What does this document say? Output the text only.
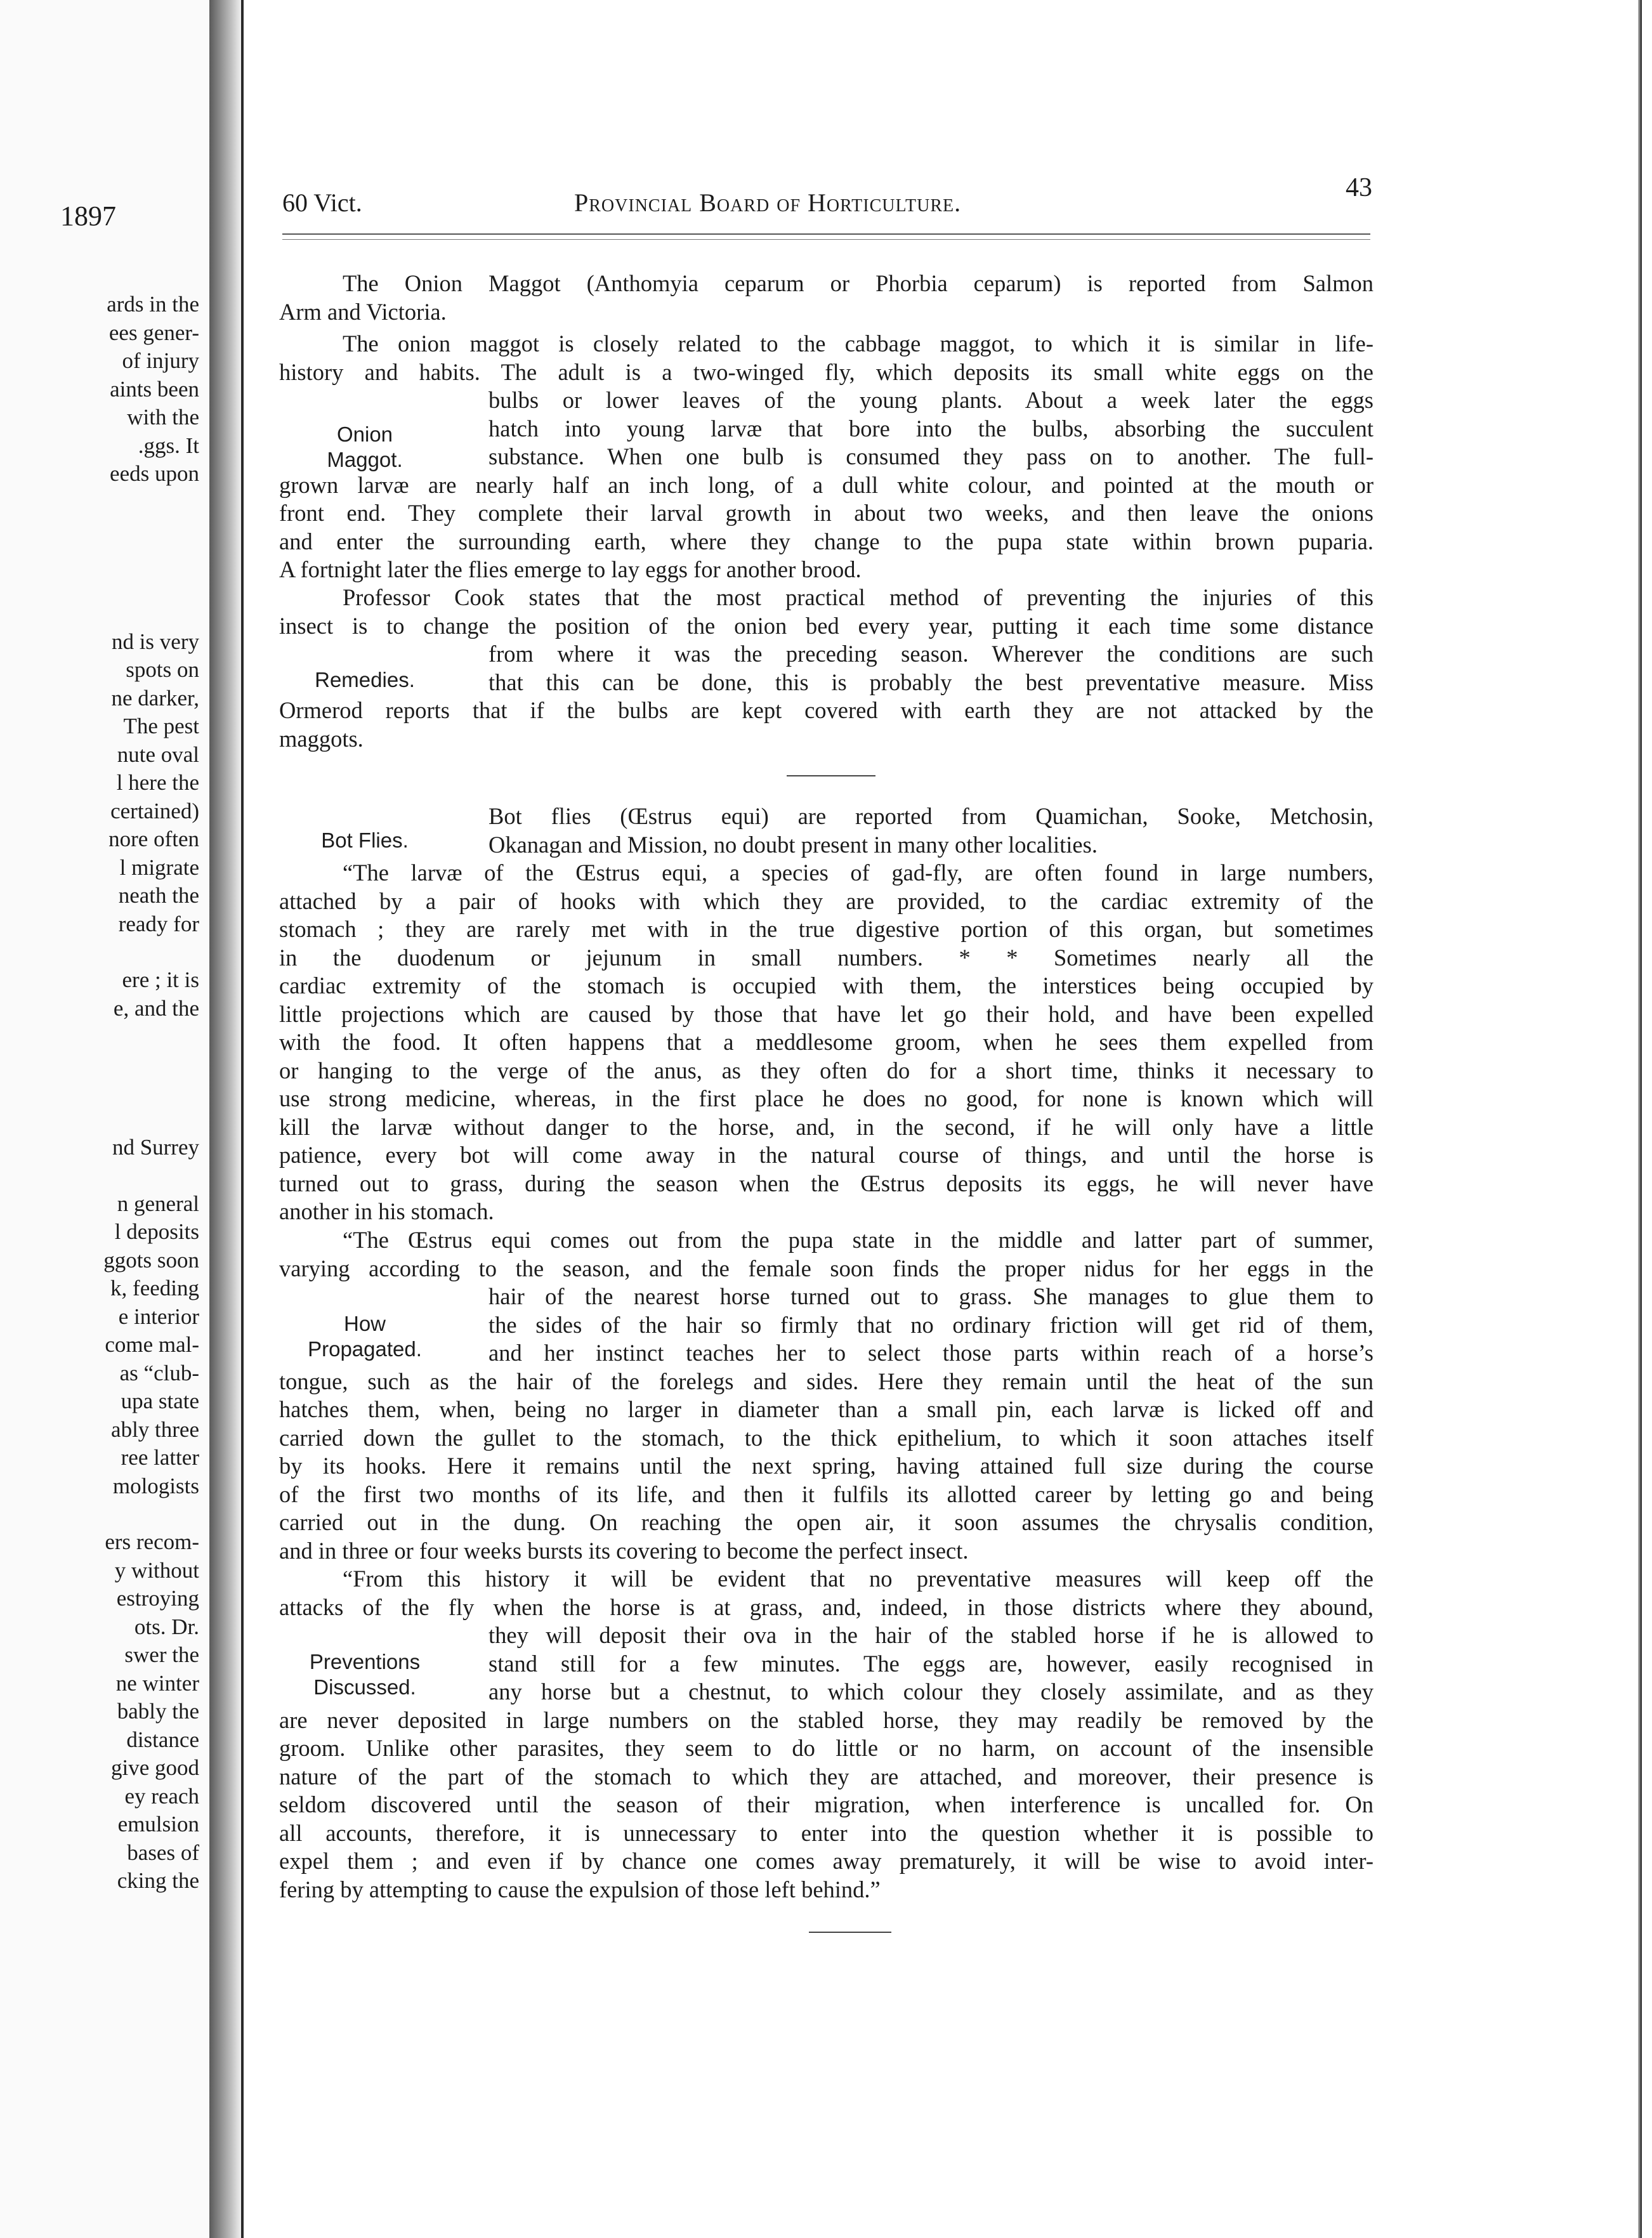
1897
ards in the
ees gener-
of injury
aints been
with the
.ggs. It
eeds upon
nd is very
spots on
ne darker,
The pest
nute oval
l here the
certained)
nore often
l migrate
neath the
ready for
ere ; it is
e, and the
nd Surrey
n general
l deposits
ggots soon
k, feeding
e interior
come mal-
as “club-
upa state
ably three
ree latter
mologists
ers recom-
y without
estroying
ots. Dr.
swer the
ne winter
bably the
distance
give good
ey reach
emulsion
bases of
cking the
60 Vict.	Provincial Board of Horticulture.
43
The Onion Maggot (Anthomyia ceparum or Phorbia ceparum) is reported from Salmon
Arm and Victoria.
The onion maggot is closely related to the cabbage maggot, to which it is similar in life-
history and habits. The adult is a two-winged fly, which deposits its small white eggs on the
bulbs or lower leaves of the young plants. About a week later the eggs
hatch into young larvæ that bore into the bulbs, absorbing the succulent
substance. When one bulb is consumed they pass on to another. The full-
grown larvæ are nearly half an inch long, of a dull white colour, and pointed at the mouth or
front end. They complete their larval growth in about two weeks, and then leave the onions
and enter the surrounding earth, where they change to the pupa state within brown puparia.
A fortnight later the flies emerge to lay eggs for another brood.
Onion
Maggot.
Professor Cook states that the most practical method of preventing the injuries of this
insect is to change the position of the onion bed every year, putting it each time some distance
from where it was the preceding season. Wherever the conditions are such
that this can be done, this is probably the best preventative measure. Miss
Ormerod reports that if the bulbs are kept covered with earth they are not attacked by the
maggots.
Remedies.
Bot flies (Œstrus equi) are reported from Quamichan, Sooke, Metchosin,
Okanagan and Mission, no doubt present in many other localities.
Bot Flies.
“The larvæ of the Œstrus equi, a species of gad-fly, are often found in large numbers,
attached by a pair of hooks with which they are provided, to the cardiac extremity of the
stomach ; they are rarely met with in the true digestive portion of this organ, but sometimes
in the duodenum or jejunum in small numbers. * * Sometimes nearly all the
cardiac extremity of the stomach is occupied with them, the interstices being occupied by
little projections which are caused by those that have let go their hold, and have been expelled
with the food. It often happens that a meddlesome groom, when he sees them expelled from
or hanging to the verge of the anus, as they often do for a short time, thinks it necessary to
use strong medicine, whereas, in the first place he does no good, for none is known which will
kill the larvæ without danger to the horse, and, in the second, if he will only have a little
patience, every bot will come away in the natural course of things, and until the horse is
turned out to grass, during the season when the Œstrus deposits its eggs, he will never have
another in his stomach.
“The Œstrus equi comes out from the pupa state in the middle and latter part of summer,
varying according to the season, and the female soon finds the proper nidus for her eggs in the
hair of the nearest horse turned out to grass. She manages to glue them to
the sides of the hair so firmly that no ordinary friction will get rid of them,
and her instinct teaches her to select those parts within reach of a horse’s
tongue, such as the hair of the forelegs and sides. Here they remain until the heat of the sun
hatches them, when, being no larger in diameter than a small pin, each larvæ is licked off and
carried down the gullet to the stomach, to the thick epithelium, to which it soon attaches itself
by its hooks. Here it remains until the next spring, having attained full size during the course
of the first two months of its life, and then it fulfils its allotted career by letting go and being
carried out in the dung. On reaching the open air, it soon assumes the chrysalis condition,
and in three or four weeks bursts its covering to become the perfect insect.
How
Propagated.
“From this history it will be evident that no preventative measures will keep off the
attacks of the fly when the horse is at grass, and, indeed, in those districts where they abound,
they will deposit their ova in the hair of the stabled horse if he is allowed to
stand still for a few minutes. The eggs are, however, easily recognised in
any horse but a chestnut, to which colour they closely assimilate, and as they
are never deposited in large numbers on the stabled horse, they may readily be removed by the
groom. Unlike other parasites, they seem to do little or no harm, on account of the insensible
nature of the part of the stomach to which they are attached, and moreover, their presence is
seldom discovered until the season of their migration, when interference is uncalled for. On
all accounts, therefore, it is unnecessary to enter into the question whether it is possible to
expel them ; and even if by chance one comes away prematurely, it will be wise to avoid inter-
fering by attempting to cause the expulsion of those left behind.”
Preventions
Discussed.
